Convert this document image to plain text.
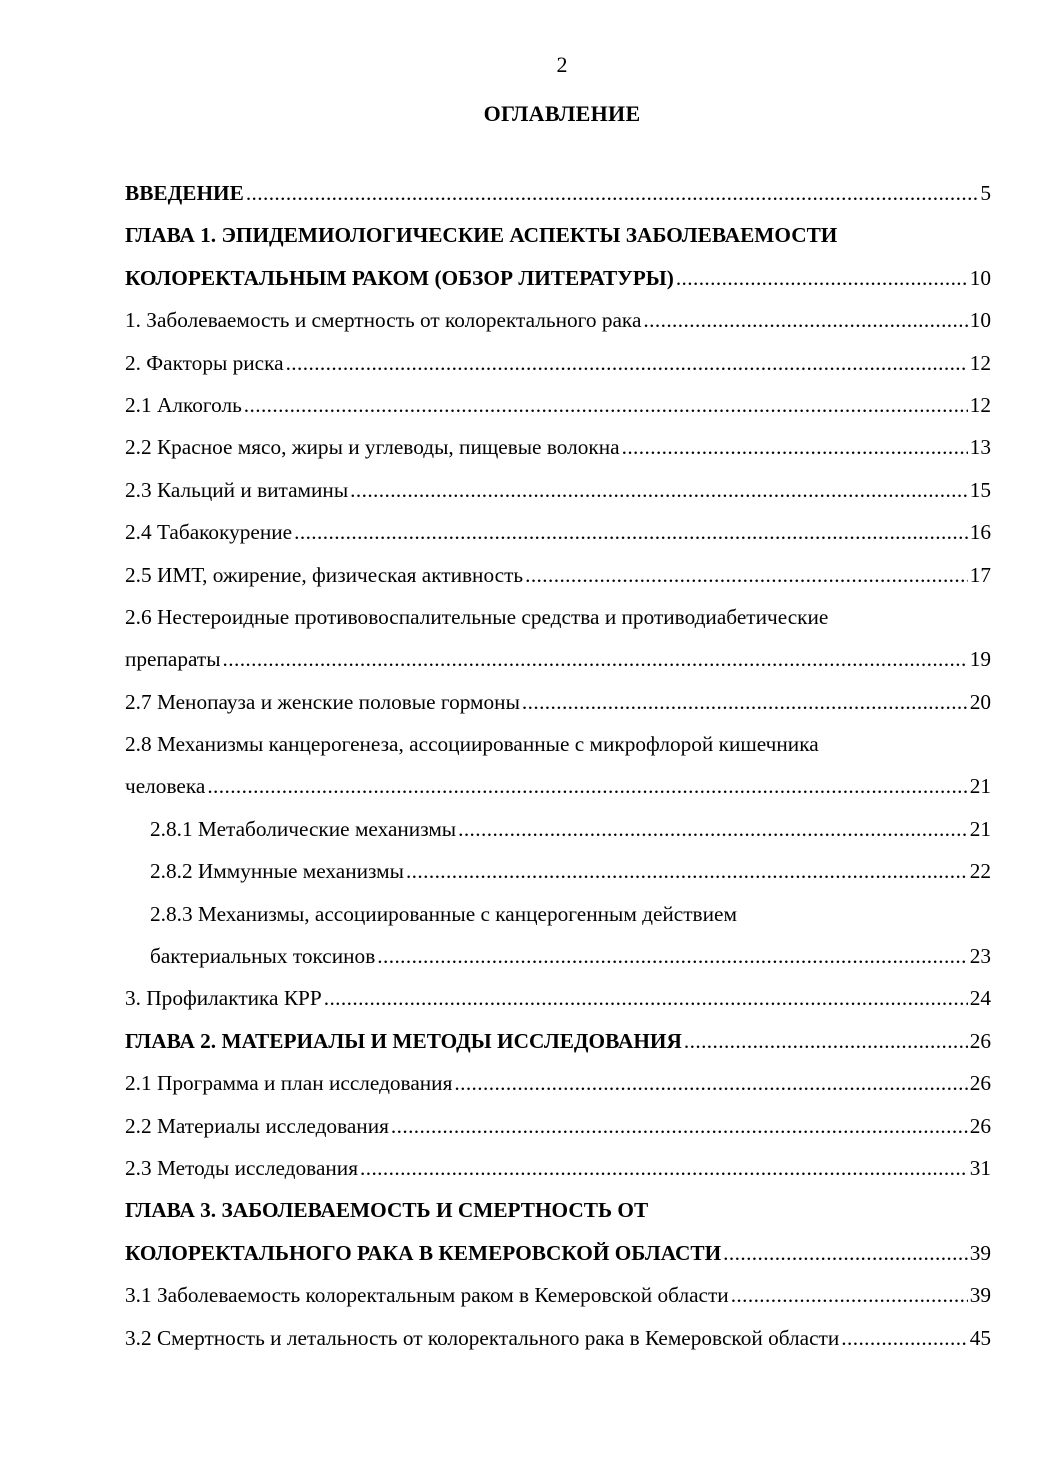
2
ОГЛАВЛЕНИЕ
ВВЕДЕНИЕ .....	5
ГЛАВА 1. ЭПИДЕМИОЛОГИЧЕСКИЕ АСПЕКТЫ ЗАБОЛЕВАЕМОСТИ
КОЛОРЕКТАЛЬНЫМ РАКОМ (ОБЗОР ЛИТЕРАТУРЫ) .....	10
1. Заболеваемость и смертность от колоректального рака .....	10
2. Факторы риска .....	12
2.1 Алкоголь .....	12
2.2 Красное мясо, жиры и углеводы, пищевые волокна .....	13
2.3 Кальций и витамины .....	15
2.4 Табакокурение .....	16
2.5 ИМТ, ожирение, физическая активность .....	17
2.6 Нестероидные противовоспалительные средства и противодиабетические
препараты .....	19
2.7 Менопауза и женские половые гормоны .....	20
2.8 Механизмы канцерогенеза, ассоциированные с микрофлорой кишечника
человека .....	21
2.8.1 Метаболические механизмы .....	21
2.8.2 Иммунные механизмы .....	22
2.8.3 Механизмы, ассоциированные с канцерогенным действием
бактериальных токсинов .....	23
3. Профилактика КРР .....	24
ГЛАВА 2. МАТЕРИАЛЫ И МЕТОДЫ ИССЛЕДОВАНИЯ .....	26
2.1 Программа и план исследования .....	26
2.2 Материалы исследования .....	26
2.3 Методы исследования .....	31
ГЛАВА 3. ЗАБОЛЕВАЕМОСТЬ И СМЕРТНОСТЬ ОТ
КОЛОРЕКТАЛЬНОГО РАКА В КЕМЕРОВСКОЙ ОБЛАСТИ .....	39
3.1 Заболеваемость колоректальным раком в Кемеровской области .....	39
3.2 Смертность и летальность от колоректального рака в Кемеровской области .....	45
